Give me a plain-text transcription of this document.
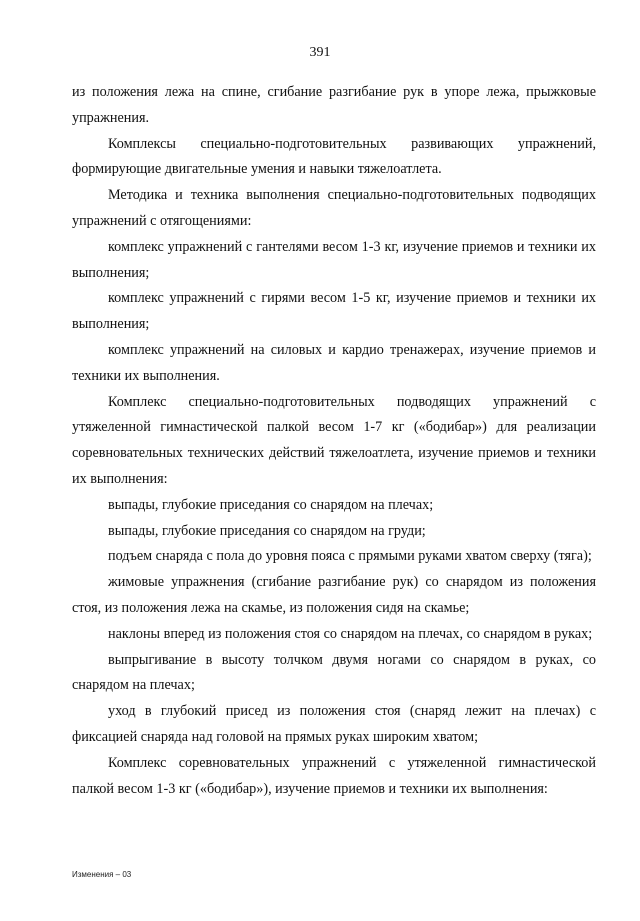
391

из положения лежа на спине, сгибание разгибание рук в упоре лежа, прыжковые упражнения.

Комплексы специально-подготовительных развивающих упражнений, формирующие двигательные умения и навыки тяжелоатлета.

Методика и техника выполнения специально-подготовительных подводящих упражнений с отягощениями:

комплекс упражнений с гантелями весом 1-3 кг, изучение приемов и техники их выполнения;

комплекс упражнений с гирями весом 1-5 кг, изучение приемов и техники их выполнения;

комплекс упражнений на силовых и кардио тренажерах, изучение приемов и техники их выполнения.

Комплекс специально-подготовительных подводящих упражнений с утяжеленной гимнастической палкой весом 1-7 кг («бодибар») для реализации соревновательных технических действий тяжелоатлета, изучение приемов и техники их выполнения:

выпады, глубокие приседания со снарядом на плечах;

выпады, глубокие приседания со снарядом на груди;

подъем снаряда с пола до уровня пояса с прямыми руками хватом сверху (тяга);

жимовые упражнения (сгибание разгибание рук) со снарядом из положения стоя, из положения лежа на скамье, из положения сидя на скамье;

наклоны вперед из положения стоя со снарядом на плечах, со снарядом в руках;

выпрыгивание в высоту толчком двумя ногами со снарядом в руках, со снарядом на плечах;

уход в глубокий присед из положения стоя (снаряд лежит на плечах) с фиксацией снаряда над головой на прямых руках широким хватом;

Комплекс соревновательных упражнений с утяжеленной гимнастической палкой весом 1-3 кг («бодибар»), изучение приемов и техники их выполнения:

Изменения – 03
